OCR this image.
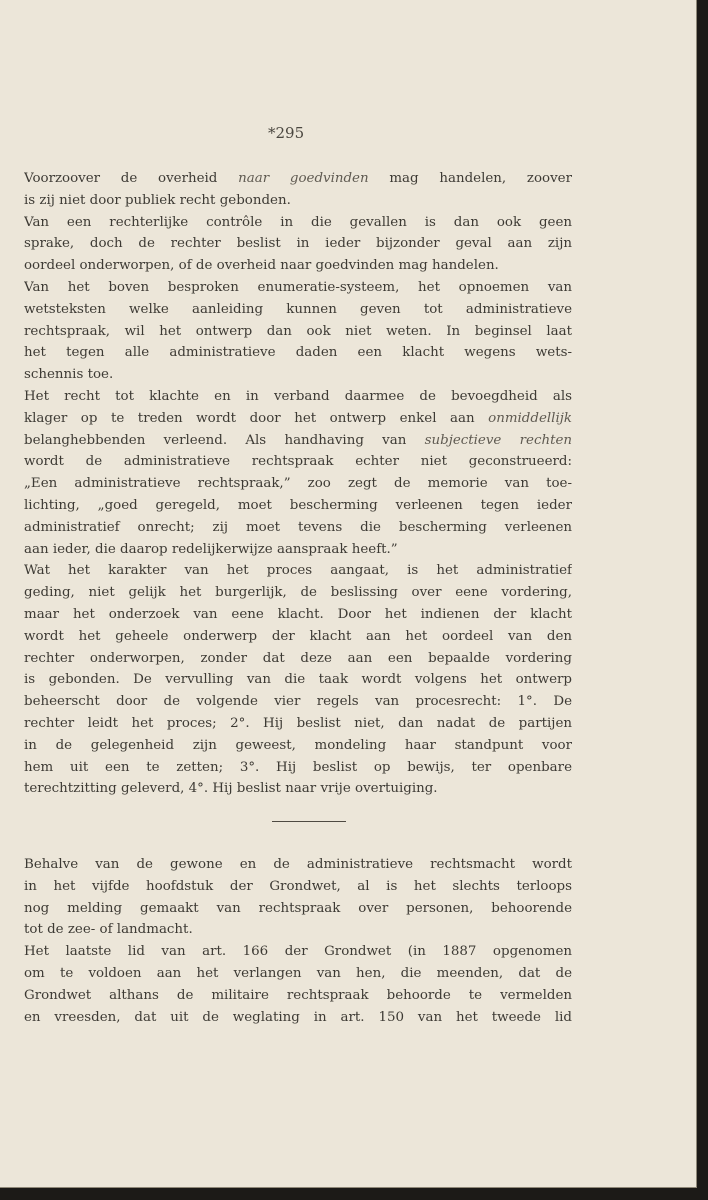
*295
Voorzoover de overheid naar goedvinden mag handelen, zoover
is zij niet door publiek recht gebonden.
Van een rechterlijke contrôle in die gevallen is dan ook geen
sprake, doch de rechter beslist in ieder bijzonder geval aan zijn
oordeel onderworpen, of de overheid naar goedvinden mag handelen.
Van het boven besproken enumeratie-systeem, het opnoemen van
wetsteksten welke aanleiding kunnen geven tot administratieve
rechtspraak, wil het ontwerp dan ook niet weten. In beginsel laat
het tegen alle administratieve daden een klacht wegens wets-
schennis toe.
Het recht tot klachte en in verband daarmee de bevoegdheid als
klager op te treden wordt door het ontwerp enkel aan onmiddellijk
belanghebbenden verleend. Als handhaving van subjectieve rechten
wordt de administratieve rechtspraak echter niet geconstrueerd:
„Een administratieve rechtspraak,” zoo zegt de memorie van toe-
lichting, „goed geregeld, moet bescherming verleenen tegen ieder
administratief onrecht; zij moet tevens die bescherming verleenen
aan ieder, die daarop redelijkerwijze aanspraak heeft.”
Wat het karakter van het proces aangaat, is het administratief
geding, niet gelijk het burgerlijk, de beslissing over eene vordering,
maar het onderzoek van eene klacht. Door het indienen der klacht
wordt het geheele onderwerp der klacht aan het oordeel van den
rechter onderworpen, zonder dat deze aan een bepaalde vordering
is gebonden. De vervulling van die taak wordt volgens het ontwerp
beheerscht door de volgende vier regels van procesrecht: 1°. De
rechter leidt het proces; 2°. Hij beslist niet, dan nadat de partijen
in de gelegenheid zijn geweest, mondeling haar standpunt voor
hem uit een te zetten; 3°. Hij beslist op bewijs, ter openbare
terechtzitting geleverd, 4°. Hij beslist naar vrije overtuiging.
Behalve van de gewone en de administratieve rechtsmacht wordt
in het vijfde hoofdstuk der Grondwet, al is het slechts terloops
nog melding gemaakt van rechtspraak over personen, behoorende
tot de zee- of landmacht.
Het laatste lid van art. 166 der Grondwet (in 1887 opgenomen
om te voldoen aan het verlangen van hen, die meenden, dat de
Grondwet althans de militaire rechtspraak behoorde te vermelden
en vreesden, dat uit de weglating in art. 150 van het tweede lid
